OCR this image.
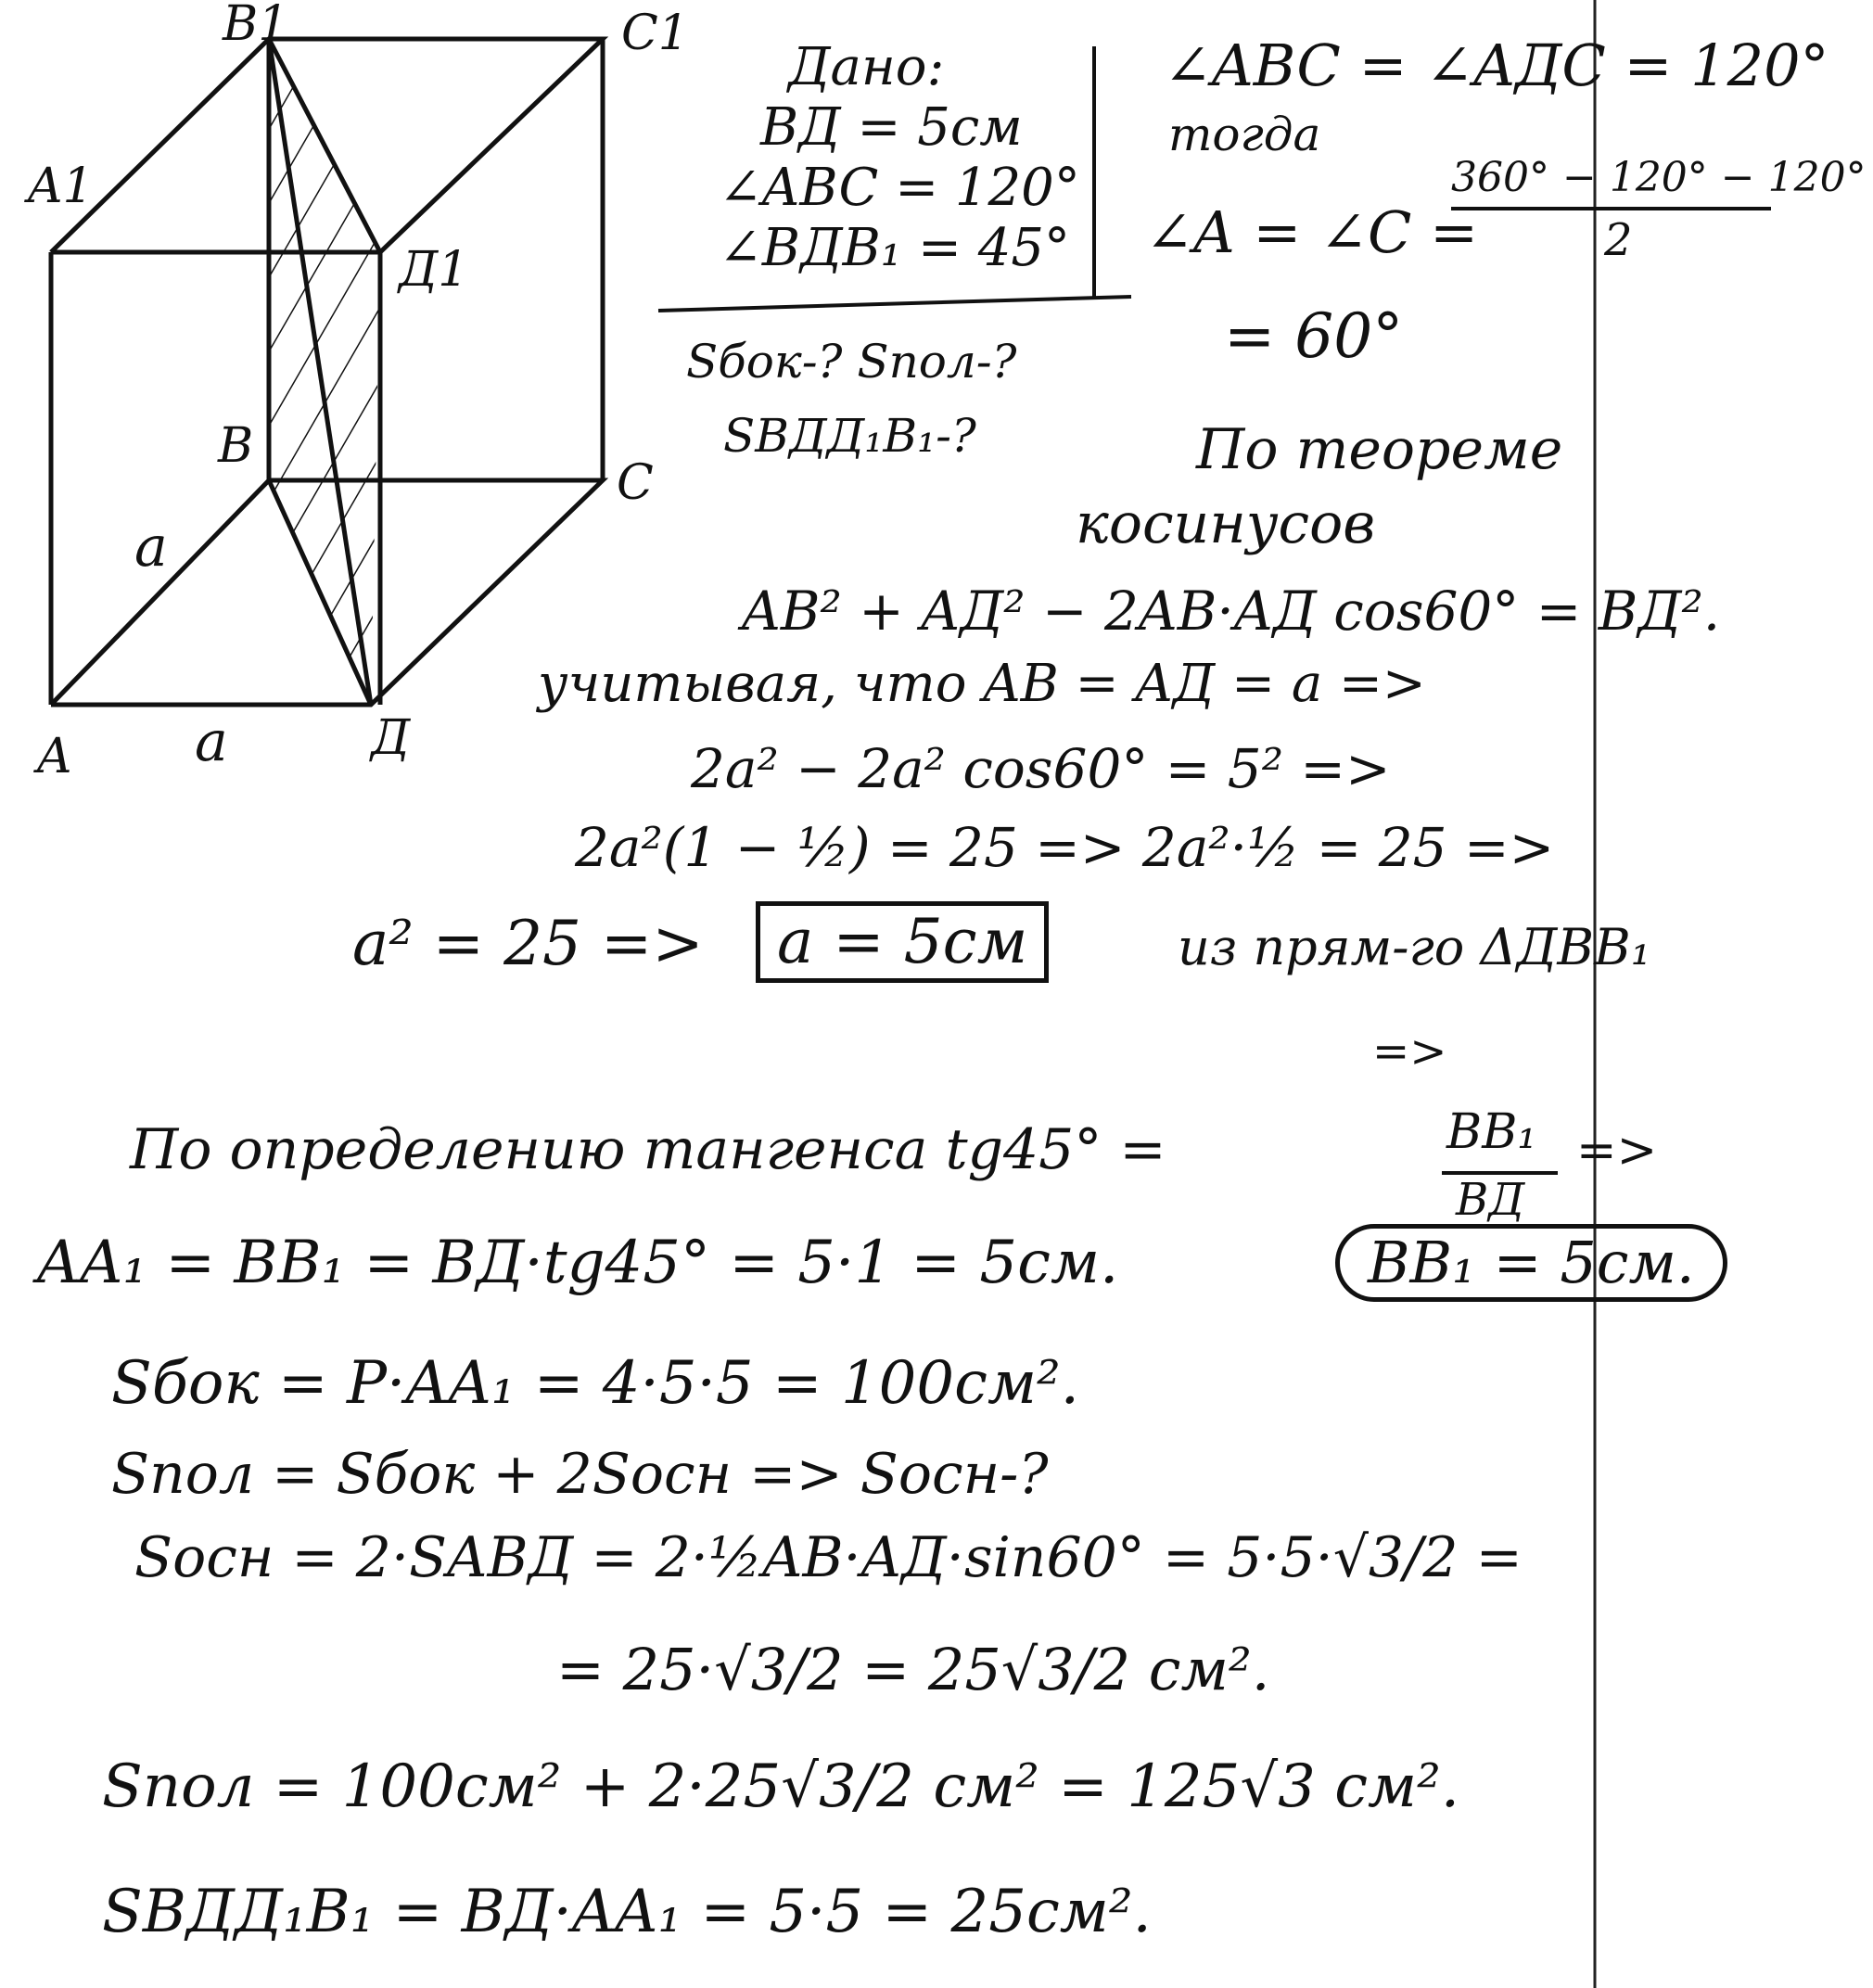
B1	C1
A1
Д1
B
C
A	Д
a
a
Дано:
BД = 5см
∠ABC = 120°
∠BДB₁ = 45°
Sбок-? Sпол-?
SBДД₁B₁-?
∠ABC = ∠AДC = 120°
тогда
∠A = ∠C =
360° − 120° − 120°
2
= 60°
По теореме
косинусов
AB² + AД² − 2AB·AД cos60° = BД².
учитывая, что AB = AД = a =>
2a² − 2a² cos60° = 5² =>
2a²(1 − ½) = 25 => 2a²·½ = 25 =>
a² = 25 =>	a = 5см	из прям-го ΔДBB₁
=>
По определению тангенса tg45° =	BB₁
BД
=>
AA₁ = BB₁ = BД·tg45° = 5·1 = 5см.	BB₁ = 5см.
Sбок = P·AA₁ = 4·5·5 = 100см².
Sпол = Sбок + 2Sосн => Sосн-?
Sосн = 2·SABД = 2·½AB·AД·sin60° = 5·5·√3/2 =
= 25·√3/2 = 25√3/2 см².
Sпол = 100см² + 2·25√3/2 см² = 125√3 см².
SBДД₁B₁ = BД·AA₁ = 5·5 = 25см².
